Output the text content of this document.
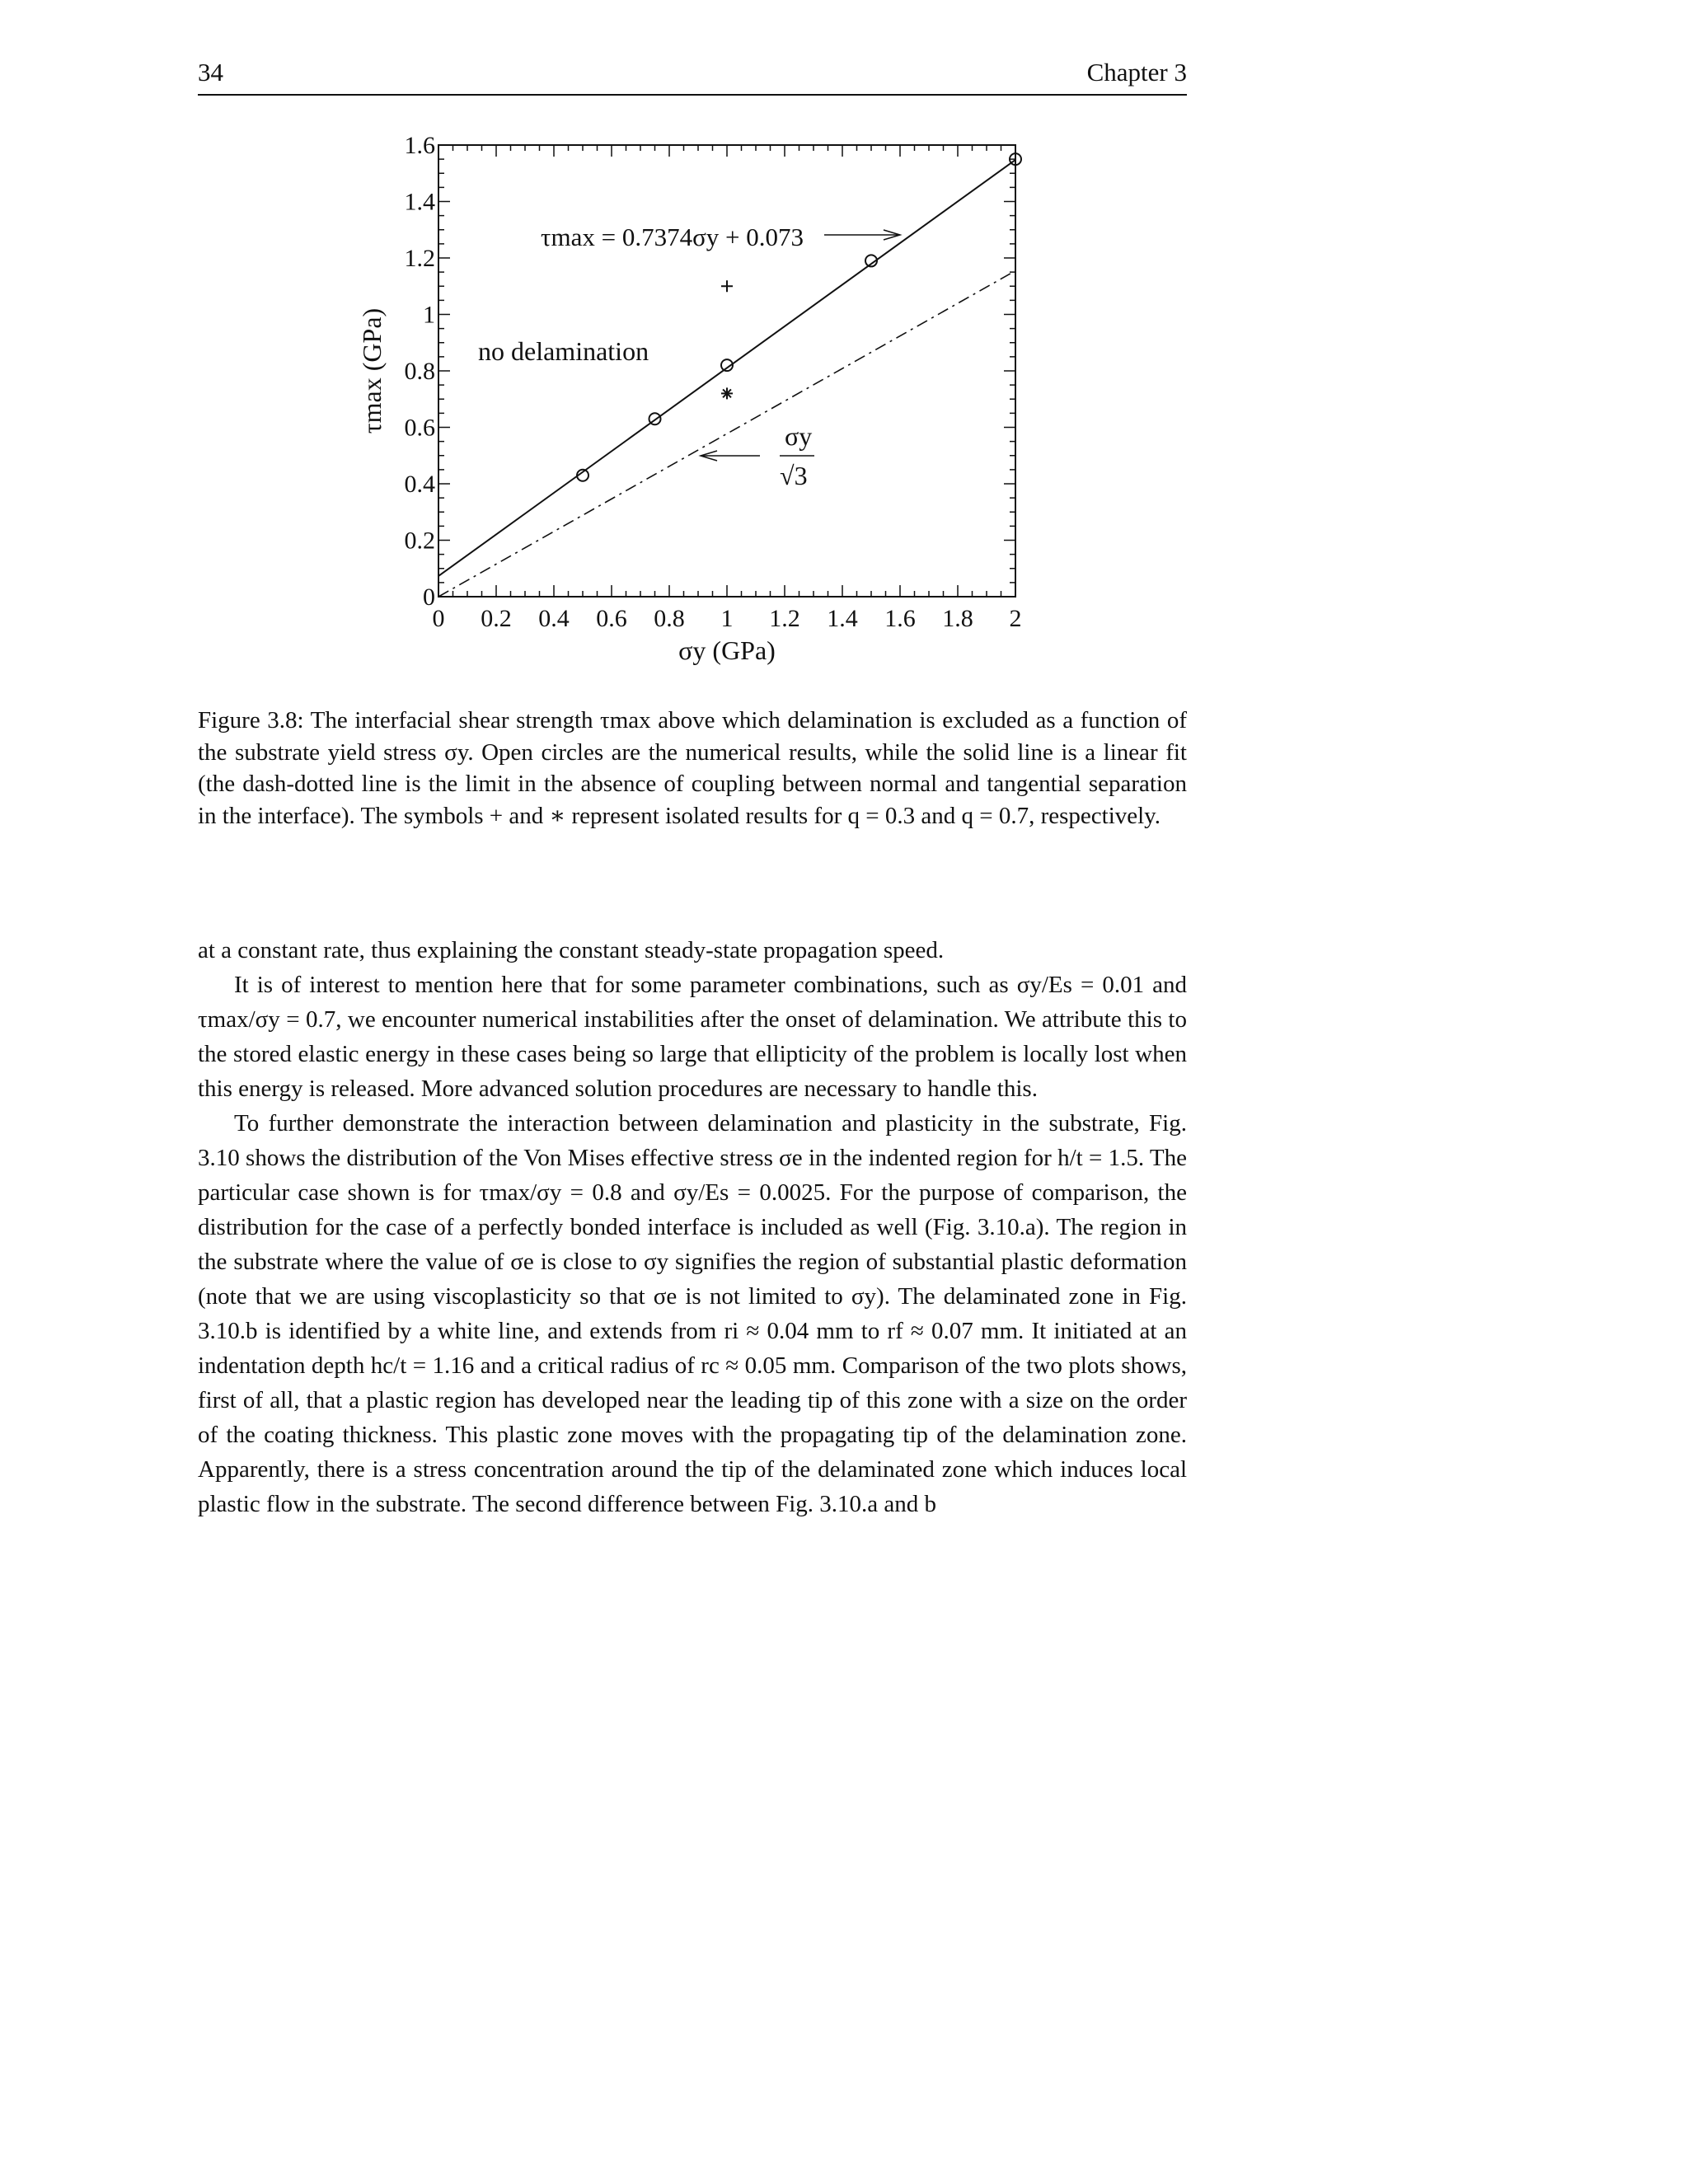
34	Chapter 3
0 0.2 0.4 0.6 0.8 1 1.2 1.4 1.6 1.8 2
0
0.2
0.4
0.6
0.8
1
1.2
1.4
1.6
τmax (GPa)
σy (GPa)
τmax = 0.7374σy + 0.073
no delamination
σy
√3
Figure 3.8: The interfacial shear strength τmax above which delamination is excluded as a function of the substrate yield stress σy. Open circles are the numerical results, while the solid line is a linear fit (the dash-dotted line is the limit in the absence of coupling between normal and tangential separation in the interface). The symbols + and ∗ represent isolated results for q = 0.3 and q = 0.7, respectively.

at a constant rate, thus explaining the constant steady-state propagation speed.

It is of interest to mention here that for some parameter combinations, such as σy/Es = 0.01 and τmax/σy = 0.7, we encounter numerical instabilities after the onset of delamination. We attribute this to the stored elastic energy in these cases being so large that ellipticity of the problem is locally lost when this energy is released. More advanced solution procedures are necessary to handle this.

To further demonstrate the interaction between delamination and plasticity in the substrate, Fig. 3.10 shows the distribution of the Von Mises effective stress σe in the indented region for h/t = 1.5. The particular case shown is for τmax/σy = 0.8 and σy/Es = 0.0025. For the purpose of comparison, the distribution for the case of a perfectly bonded interface is included as well (Fig. 3.10.a). The region in the substrate where the value of σe is close to σy signifies the region of substantial plastic deformation (note that we are using viscoplasticity so that σe is not limited to σy). The delaminated zone in Fig. 3.10.b is identified by a white line, and extends from ri ≈ 0.04 mm to rf ≈ 0.07 mm. It initiated at an indentation depth hc/t = 1.16 and a critical radius of rc ≈ 0.05 mm. Comparison of the two plots shows, first of all, that a plastic region has developed near the leading tip of this zone with a size on the order of the coating thickness. This plastic zone moves with the propagating tip of the delamination zone. Apparently, there is a stress concentration around the tip of the delaminated zone which induces local plastic flow in the substrate. The second difference between Fig. 3.10.a and b
